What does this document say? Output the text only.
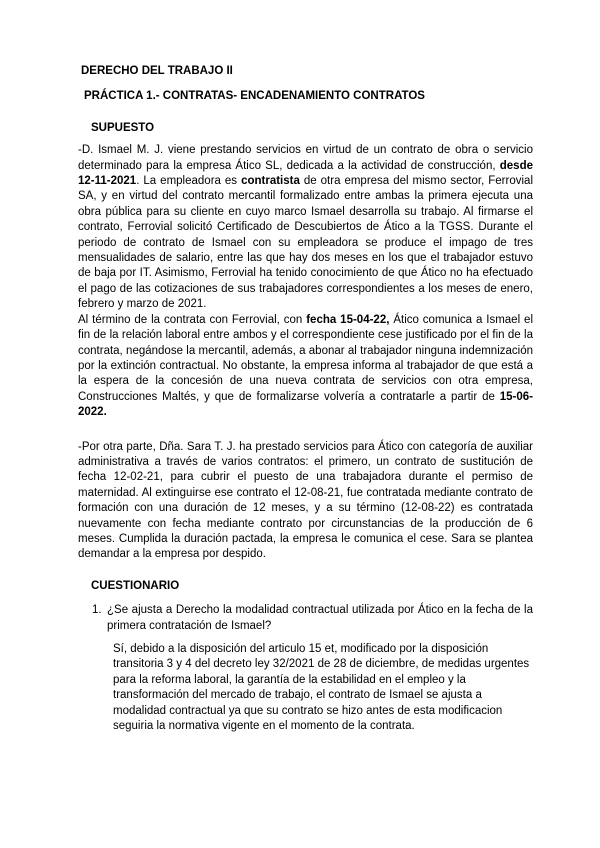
DERECHO DEL TRABAJO II

PRÁCTICA 1.- CONTRATAS- ENCADENAMIENTO CONTRATOS

SUPUESTO

-D. Ismael M. J. viene prestando servicios en virtud de un contrato de obra o servicio determinado para la empresa Ático SL, dedicada a la actividad de construcción, desde 12-11-2021. La empleadora es contratista de otra empresa del mismo sector, Ferrovial SA, y en virtud del contrato mercantil formalizado entre ambas la primera ejecuta una obra pública para su cliente en cuyo marco Ismael desarrolla su trabajo. Al firmarse el contrato, Ferrovial solicitó Certificado de Descubiertos de Ático a la TGSS. Durante el periodo de contrato de Ismael con su empleadora se produce el impago de tres mensualidades de salario, entre las que hay dos meses en los que el trabajador estuvo de baja por IT. Asimismo, Ferrovial ha tenido conocimiento de que Ático no ha efectuado el pago de las cotizaciones de sus trabajadores correspondientes a los meses de enero, febrero y marzo de 2021.

Al término de la contrata con Ferrovial, con fecha 15-04-22, Ático comunica a Ismael el fin de la relación laboral entre ambos y el correspondiente cese justificado por el fin de la contrata, negándose la mercantil, además, a abonar al trabajador ninguna indemnización por la extinción contractual. No obstante, la empresa informa al trabajador de que está a la espera de la concesión de una nueva contrata de servicios con otra empresa, Construcciones Maltés, y que de formalizarse volvería a contratarle a partir de 15-06-2022.

-Por otra parte, Dña. Sara T. J. ha prestado servicios para Ático con categoría de auxiliar administrativa a través de varios contratos: el primero, un contrato de sustitución de fecha 12-02-21, para cubrir el puesto de una trabajadora durante el permiso de maternidad. Al extinguirse ese contrato el 12-08-21, fue contratada mediante contrato de formación con una duración de 12 meses, y a su término (12-08-22) es contratada nuevamente con fecha mediante contrato por circunstancias de la producción de 6 meses. Cumplida la duración pactada, la empresa le comunica el cese. Sara se plantea demandar a la empresa por despido.

CUESTIONARIO

1. ¿Se ajusta a Derecho la modalidad contractual utilizada por Ático en la fecha de la primera contratación de Ismael?

Sí, debido a la disposición del articulo 15 et, modificado por la disposición transitoria 3 y 4 del decreto ley 32/2021 de 28 de diciembre, de medidas urgentes para la reforma laboral, la garantía de la estabilidad en el empleo y la transformación del mercado de trabajo, el contrato de Ismael se ajusta a modalidad contractual ya que su contrato se hizo antes de esta modificacion seguiria la normativa vigente en el momento de la contrata.
